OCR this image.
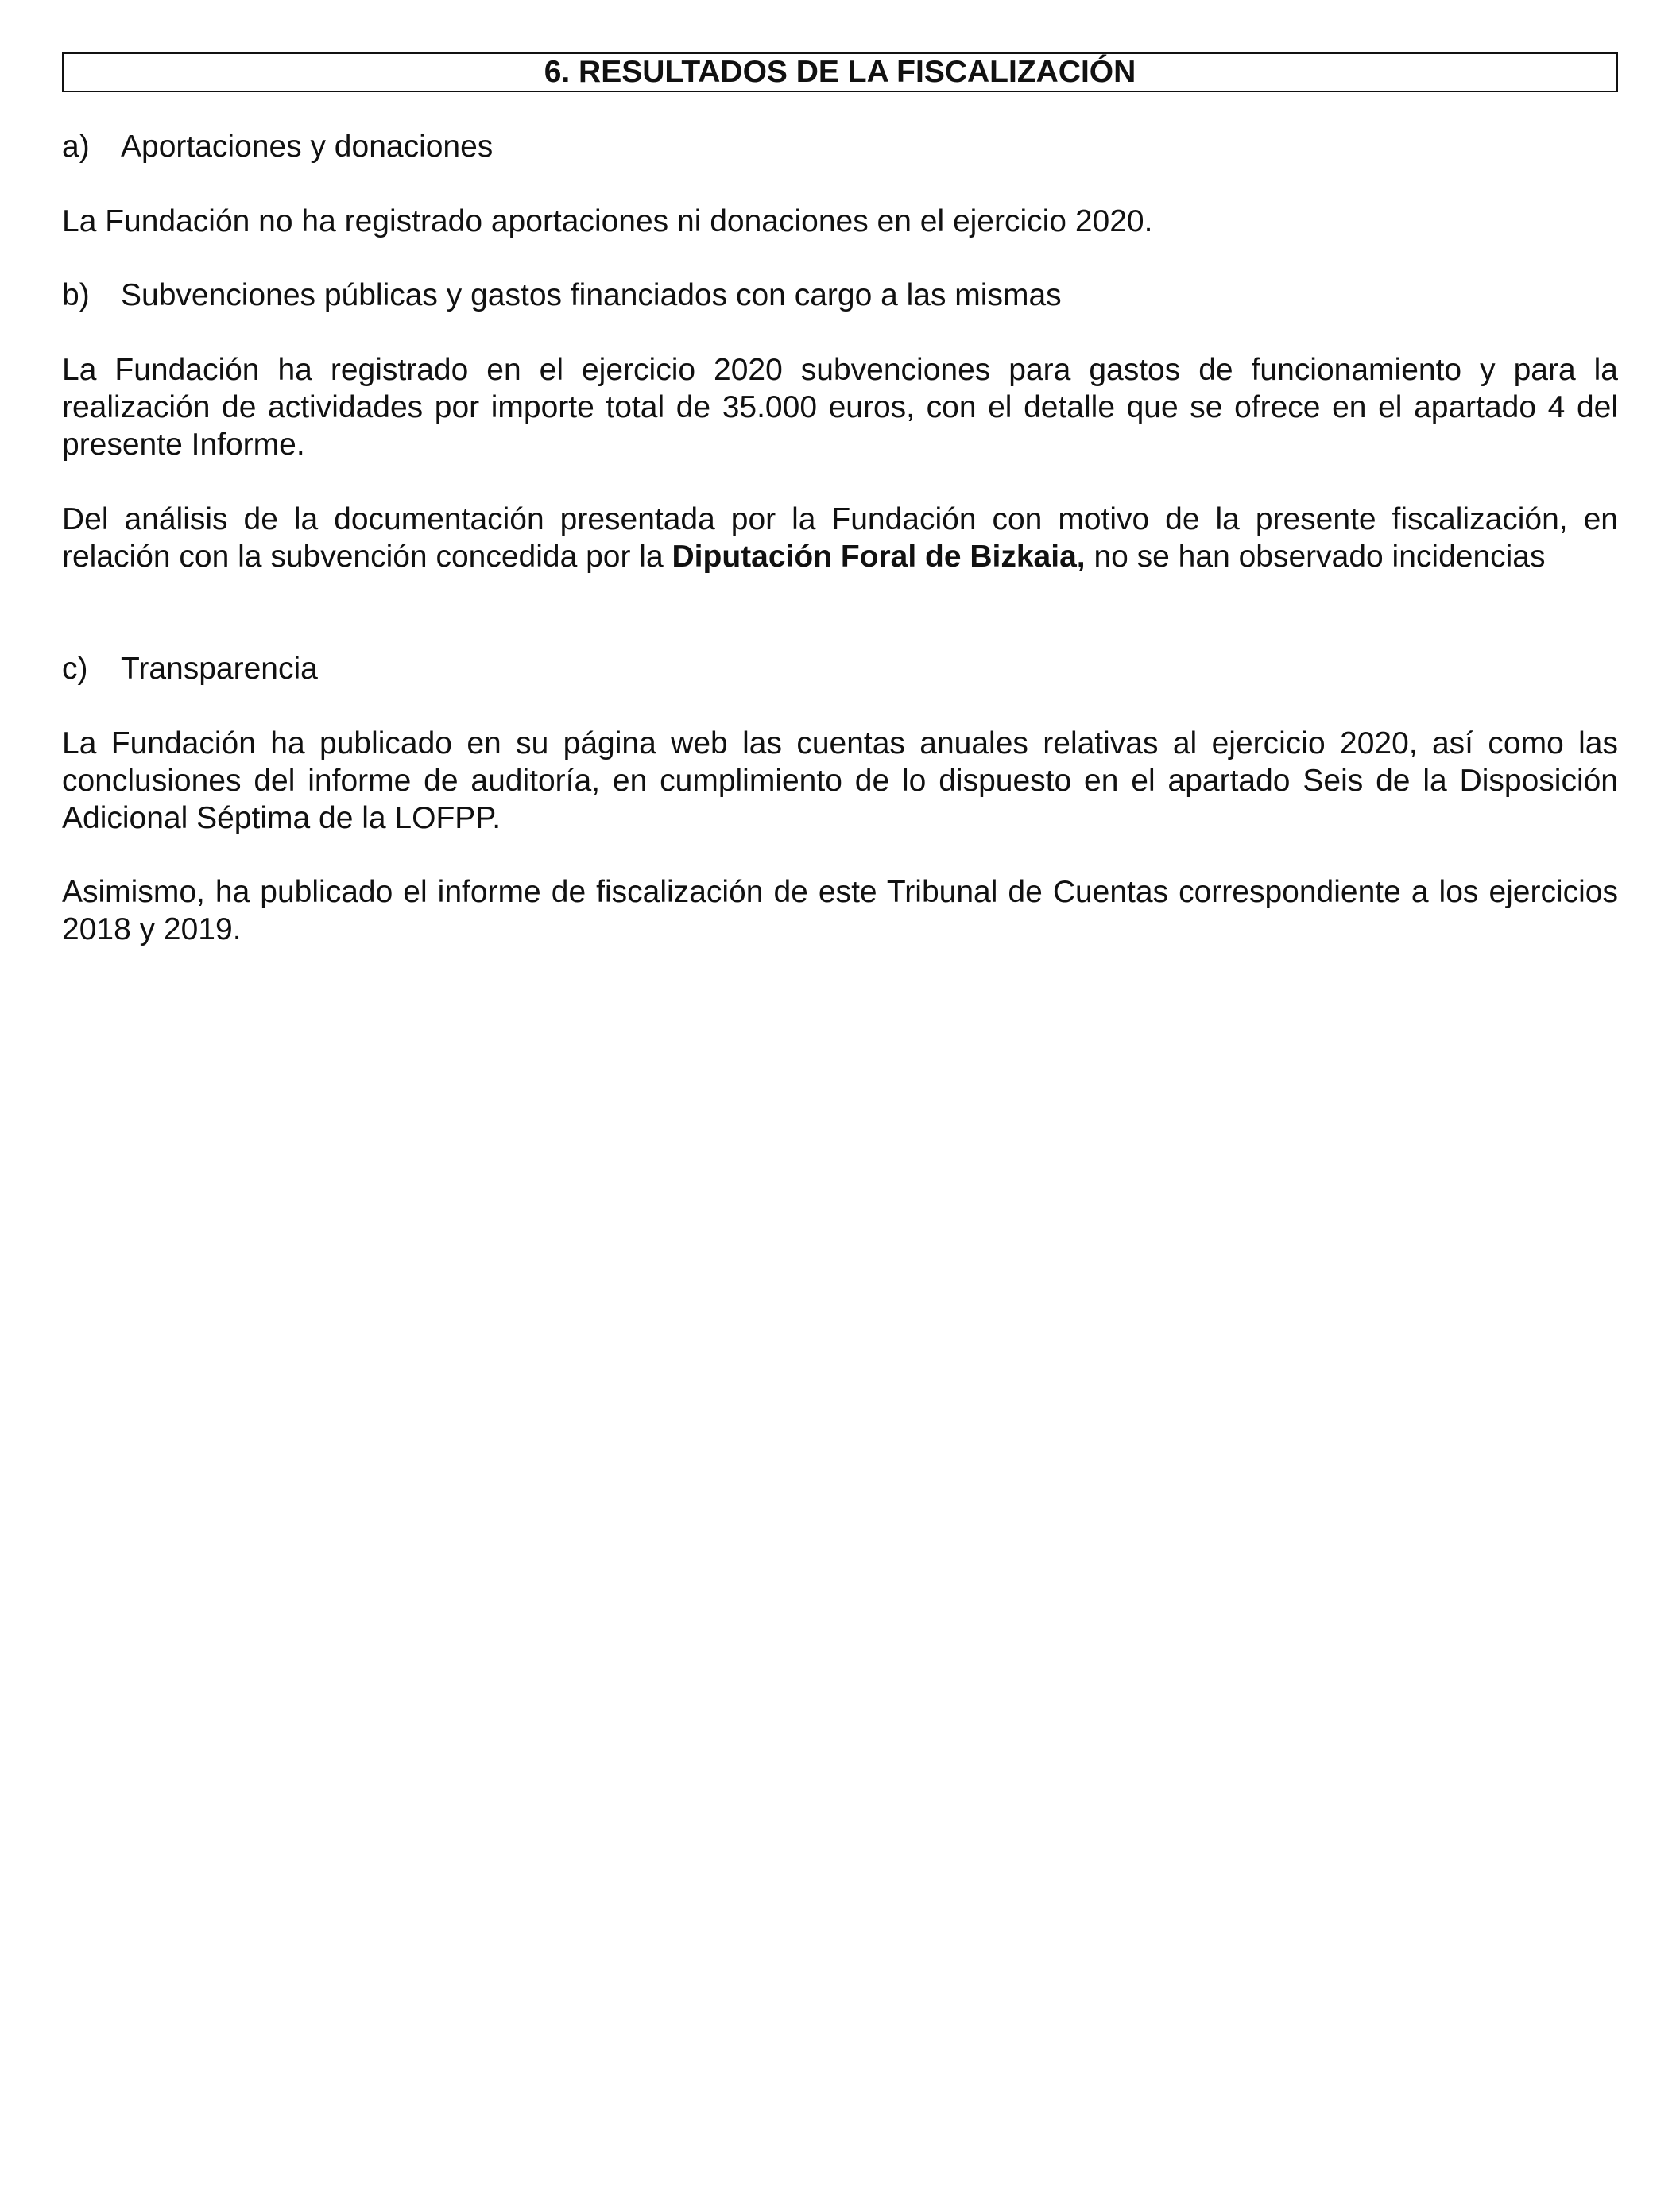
6. RESULTADOS DE LA FISCALIZACIÓN

a) Aportaciones y donaciones

La Fundación no ha registrado aportaciones ni donaciones en el ejercicio 2020.

b) Subvenciones públicas y gastos financiados con cargo a las mismas

La Fundación ha registrado en el ejercicio 2020 subvenciones para gastos de funcionamiento y para la realización de actividades por importe total de 35.000 euros, con el detalle que se ofrece en el apartado 4 del presente Informe.

Del análisis de la documentación presentada por la Fundación con motivo de la presente fiscalización, en relación con la subvención concedida por la Diputación Foral de Bizkaia, no se han observado incidencias

c) Transparencia

La Fundación ha publicado en su página web las cuentas anuales relativas al ejercicio 2020, así como las conclusiones del informe de auditoría, en cumplimiento de lo dispuesto en el apartado Seis de la Disposición Adicional Séptima de la LOFPP.

Asimismo, ha publicado el informe de fiscalización de este Tribunal de Cuentas correspondiente a los ejercicios 2018 y 2019.
